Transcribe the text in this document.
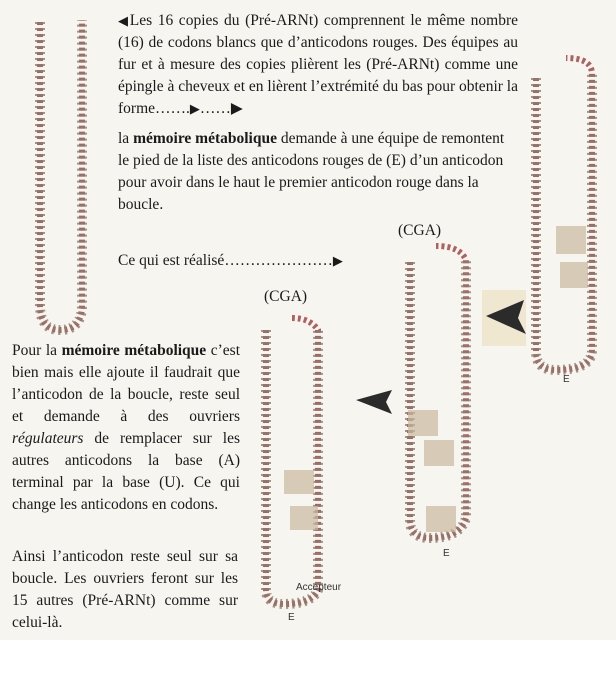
◀Les 16 copies du (Pré-ARNt) comprennent le même nombre (16) de codons blancs que d’anticodons rouges. Des équipes au fur et à mesure des copies plièrent les (Pré-ARNt) comme une épingle à cheveux et en lièrent l’extrémité du bas pour obtenir la forme…….▶……▶

la mémoire métabolique demande à une équipe de remontent le pied de la liste des anticodons rouges de (E) d’un anticodon pour avoir dans le haut le premier anticodon rouge dans la boucle.

Ce qui est réalisé…………………▶

Pour la mémoire métabolique c’est bien mais elle ajoute il faudrait que l’anticodon de la boucle, reste seul et demande à des ouvriers régulateurs de remplacer sur les autres anticodons la base (A) terminal par la base (U). Ce qui change les anticodons en codons.

Ainsi l’anticodon reste seul sur sa boucle. Les ouvriers feront sur les 15 autres (Pré-ARNt) comme sur celui-là.

(CGA)
(CGA)
Accepteur
E
E
E
